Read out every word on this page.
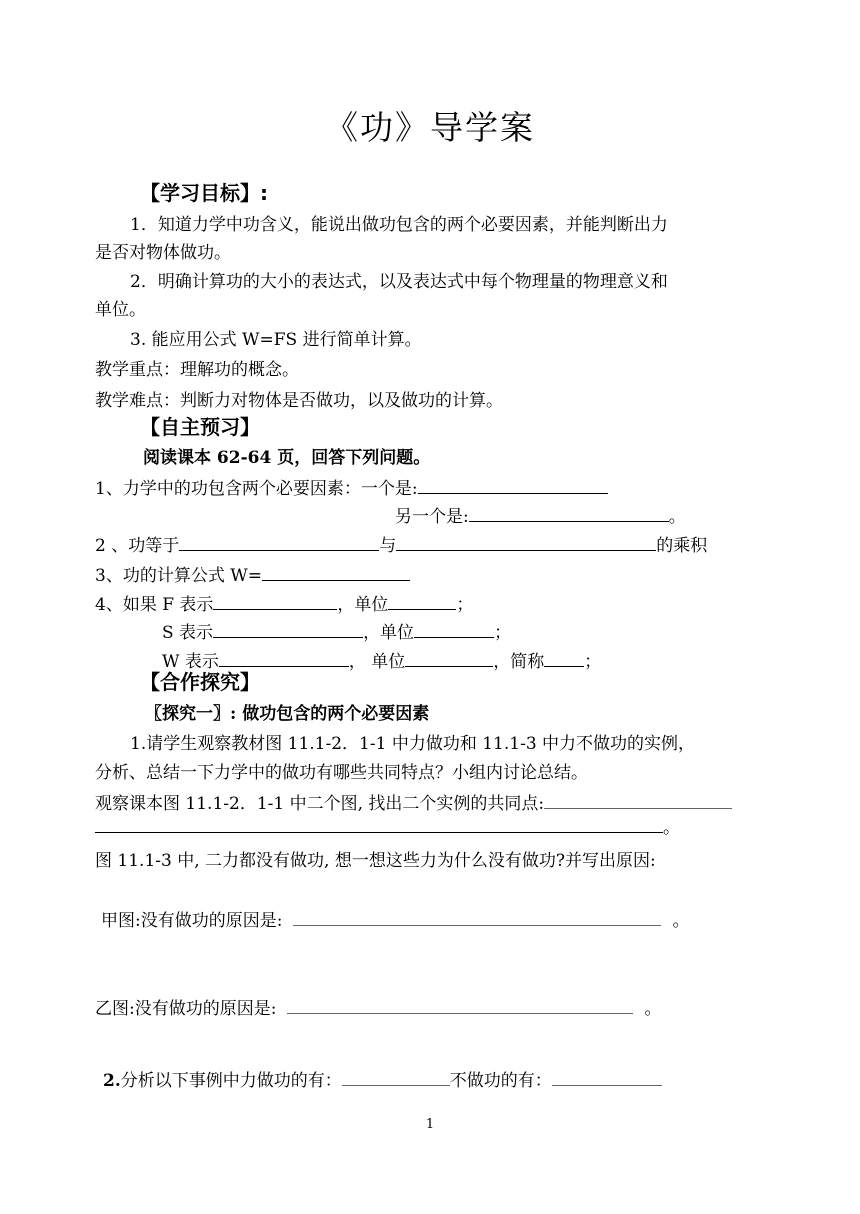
《功》导学案
【学习目标】:
1．知道力学中功含义，能说出做功包含的两个必要因素，并能判断出力
是否对物体做功。
2．明确计算功的大小的表达式，以及表达式中每个物理量的物理意义和
单位。
3. 能应用公式 W=FS 进行简单计算。
教学重点：理解功的概念。
教学难点：判断力对物体是否做功，以及做功的计算。
【自主预习】
阅读课本 62-64 页，回答下列问题。
1、力学中的功包含两个必要因素：一个是:
另一个是:	。
2 、功等于	与	的乘积
3、功的计算公式 W=
4、如果 F 表示	，单位	；
S 表示	，单位	；
W 表示	， 单位	，简称 ；
【合作探究】
〖探究一〗: 做功包含的两个必要因素
1.请学生观察教材图 11.1-2．1-1 中力做功和 11.1-3 中力不做功的实例，
分析、总结一下力学中的做功有哪些共同特点？小组内讨论总结。
观察课本图 11.1-2．1-1 中二个图, 找出二个实例的共同点:
。
图 11.1-3 中, 二力都没有做功, 想一想这些力为什么没有做功?并写出原因:
甲图:没有做功的原因是:	。
乙图:没有做功的原因是:	。
2.分析以下事例中力做功的有：	不做功的有：
1
